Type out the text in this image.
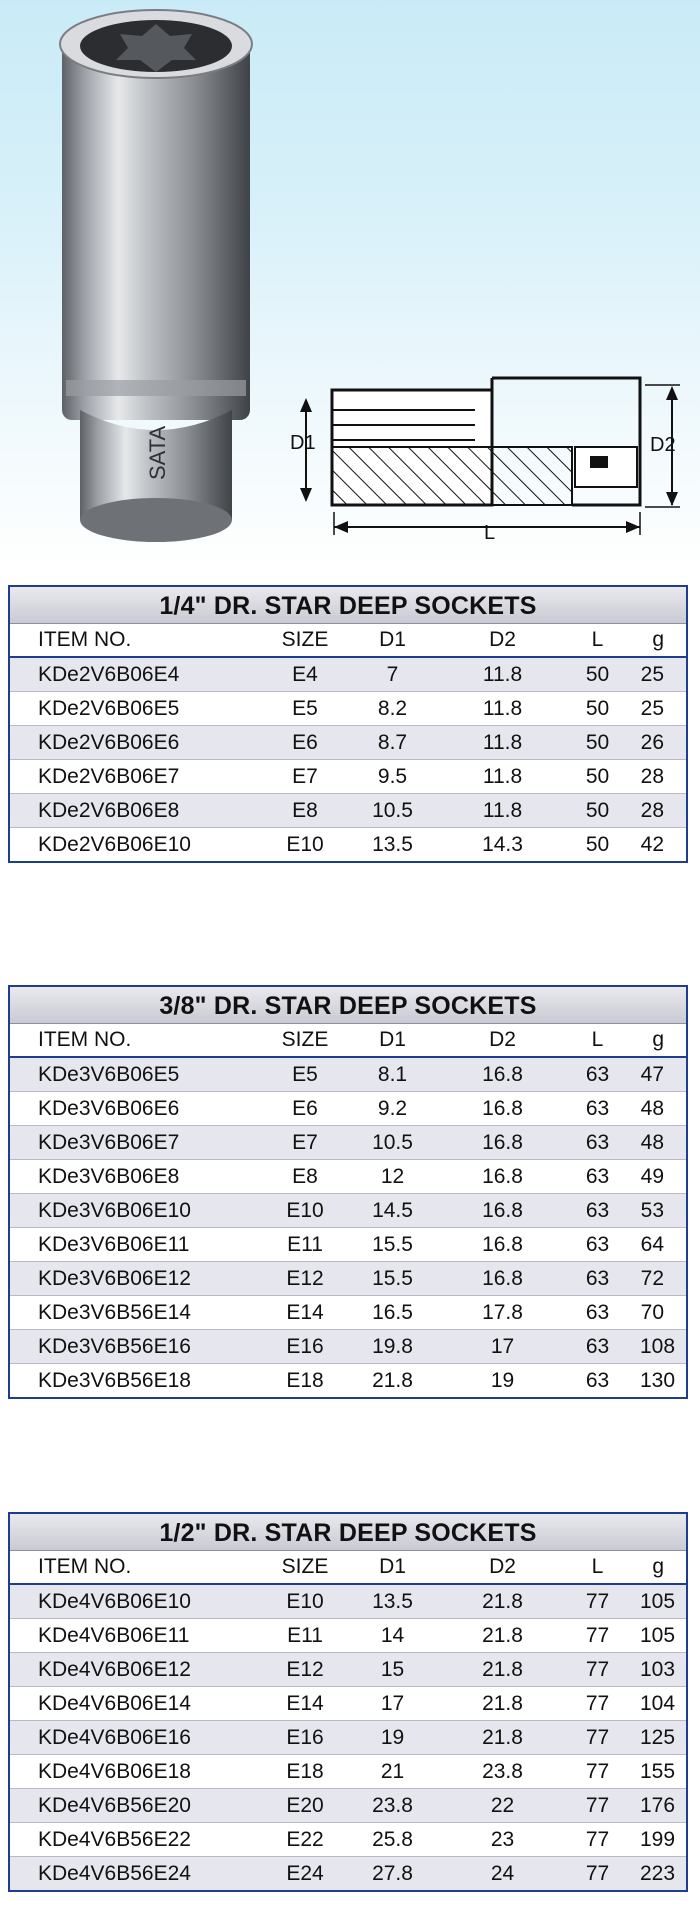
SATA	D1	D2
L
1/4" DR. STAR DEEP SOCKETS
ITEM NO.	SIZE	D1	D2	L	g
KDe2V6B06E4	E4	7	11.8	50	25
KDe2V6B06E5	E5	8.2	11.8	50	25
KDe2V6B06E6	E6	8.7	11.8	50	26
KDe2V6B06E7	E7	9.5	11.8	50	28
KDe2V6B06E8	E8	10.5	11.8	50	28
KDe2V6B06E10	E10	13.5	14.3	50	42
3/8" DR. STAR DEEP SOCKETS
ITEM NO.	SIZE	D1	D2	L	g
KDe3V6B06E5	E5	8.1	16.8	63	47
KDe3V6B06E6	E6	9.2	16.8	63	48
KDe3V6B06E7	E7	10.5	16.8	63	48
KDe3V6B06E8	E8	12	16.8	63	49
KDe3V6B06E10	E10	14.5	16.8	63	53
KDe3V6B06E11	E11	15.5	16.8	63	64
KDe3V6B06E12	E12	15.5	16.8	63	72
KDe3V6B56E14	E14	16.5	17.8	63	70
KDe3V6B56E16	E16	19.8	17	63	108
KDe3V6B56E18	E18	21.8	19	63	130
1/2" DR. STAR DEEP SOCKETS
ITEM NO.	SIZE	D1	D2	L	g
KDe4V6B06E10	E10	13.5	21.8	77	105
KDe4V6B06E11	E11	14	21.8	77	105
KDe4V6B06E12	E12	15	21.8	77	103
KDe4V6B06E14	E14	17	21.8	77	104
KDe4V6B06E16	E16	19	21.8	77	125
KDe4V6B06E18	E18	21	23.8	77	155
KDe4V6B56E20	E20	23.8	22	77	176
KDe4V6B56E22	E22	25.8	23	77	199
KDe4V6B56E24	E24	27.8	24	77	223
